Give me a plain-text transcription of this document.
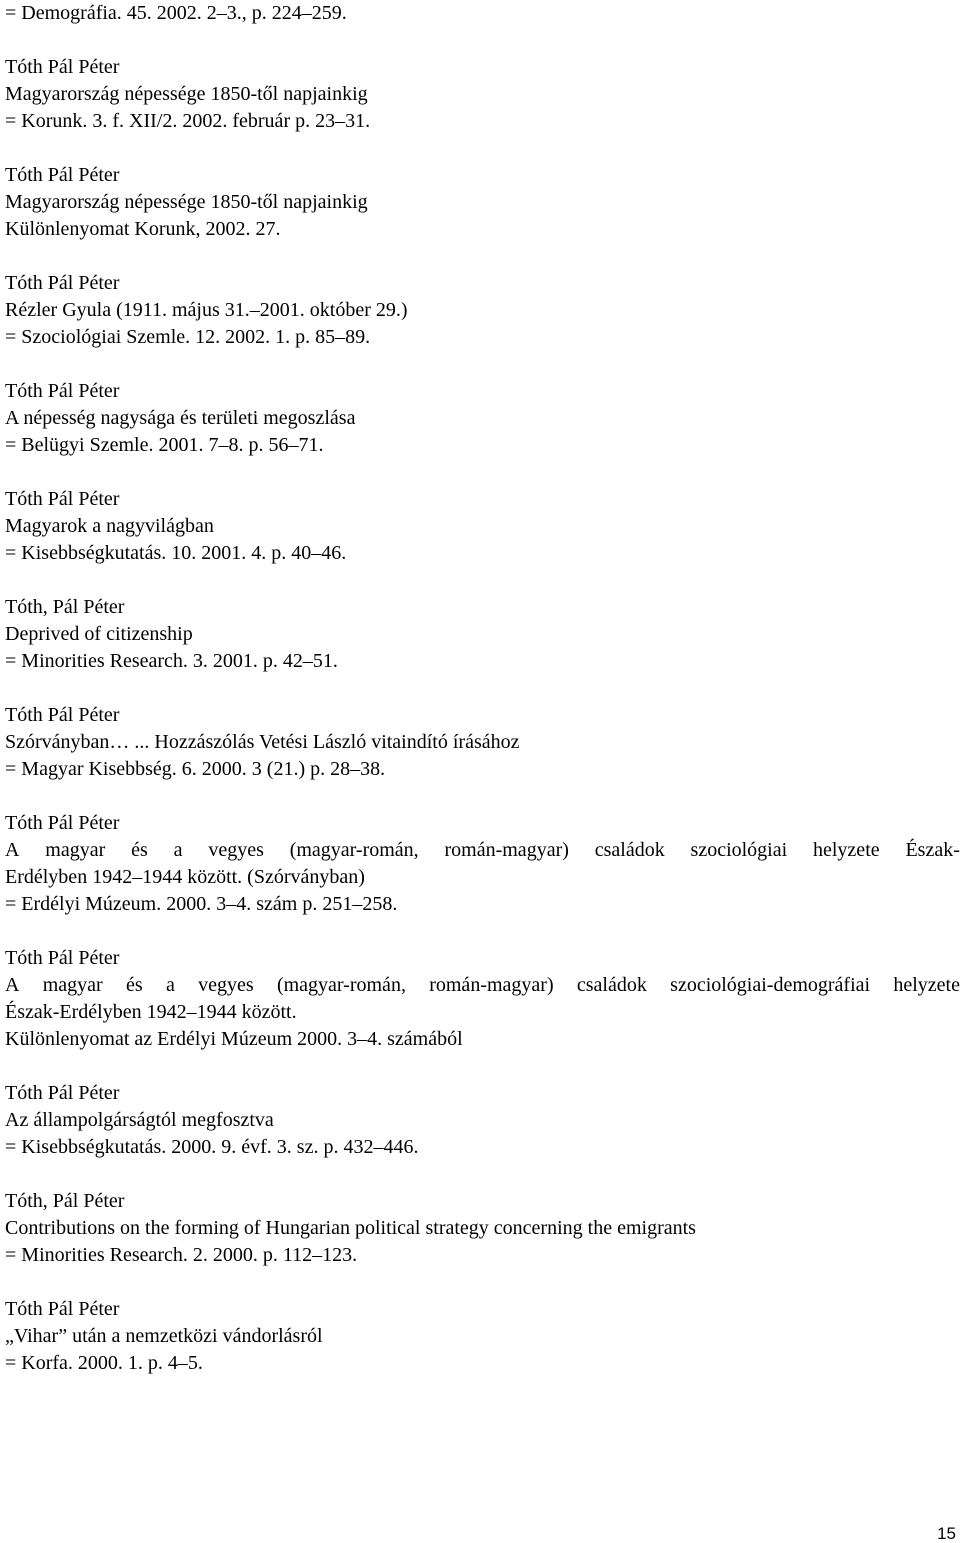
= Demográfia. 45. 2002. 2–3., p. 224–259.
Tóth Pál Péter
Magyarország népessége 1850-től napjainkig
= Korunk. 3. f. XII/2. 2002. február p. 23–31.
Tóth Pál Péter
Magyarország népessége 1850-től napjainkig
Különlenyomat Korunk, 2002. 27.
Tóth Pál Péter
Rézler Gyula (1911. május 31.–2001. október 29.)
= Szociológiai Szemle. 12. 2002. 1. p. 85–89.
Tóth Pál Péter
A népesség nagysága és területi megoszlása
= Belügyi Szemle. 2001. 7–8. p. 56–71.
Tóth Pál Péter
Magyarok a nagyvilágban
= Kisebbségkutatás. 10. 2001. 4. p. 40–46.
Tóth, Pál Péter
Deprived of citizenship
= Minorities Research. 3. 2001. p. 42–51.
Tóth Pál Péter
Szórványban… ... Hozzászólás Vetési László vitaindító írásához
= Magyar Kisebbség. 6. 2000. 3 (21.) p. 28–38.
Tóth Pál Péter
A magyar és a vegyes (magyar-román, román-magyar) családok szociológiai helyzete Észak-
Erdélyben 1942–1944 között. (Szórványban)
= Erdélyi Múzeum. 2000. 3–4. szám p. 251–258.
Tóth Pál Péter
A magyar és a vegyes (magyar-román, román-magyar) családok szociológiai-demográfiai helyzete
Észak-Erdélyben 1942–1944 között.
Különlenyomat az Erdélyi Múzeum 2000. 3–4. számából
Tóth Pál Péter
Az állampolgárságtól megfosztva
= Kisebbségkutatás. 2000. 9. évf. 3. sz. p. 432–446.
Tóth, Pál Péter
Contributions on the forming of Hungarian political strategy concerning the emigrants
= Minorities Research. 2. 2000. p. 112–123.
Tóth Pál Péter
„Vihar” után a nemzetközi vándorlásról
= Korfa. 2000. 1. p. 4–5.
15
